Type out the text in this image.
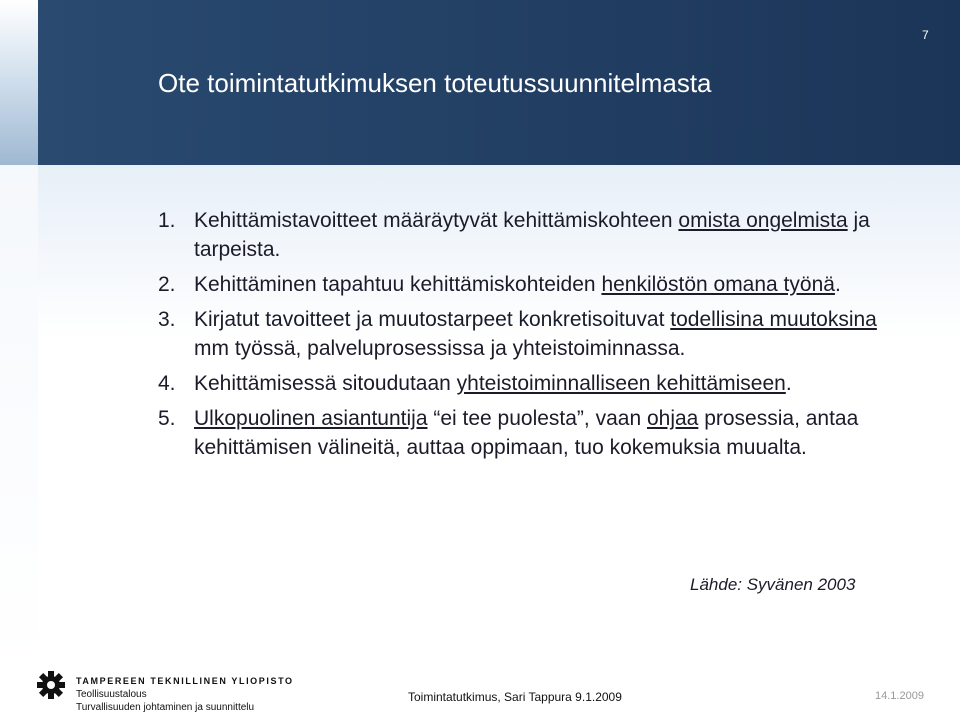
7
Ote toimintatutkimuksen toteutussuunnitelmasta
1. Kehittämistavoitteet määräytyvät kehittämiskohteen omista ongelmista ja tarpeista.
2. Kehittäminen tapahtuu kehittämiskohteiden henkilöstön omana työnä.
3. Kirjatut tavoitteet ja muutostarpeet konkretisoituvat todellisina muutoksina mm työssä, palveluprosessissa ja yhteistoiminnassa.
4. Kehittämisessä sitoudutaan yhteistoiminnalliseen kehittämiseen.
5. Ulkopuolinen asiantuntija “ei tee puolesta”, vaan ohjaa prosessia, antaa kehittämisen välineitä, auttaa oppimaan, tuo kokemuksia muualta.
Lähde: Syvänen 2003
TAMPEREEN TEKNILLINEN YLIOPISTO
Teollisuustalous
Turvallisuuden johtaminen ja suunnittelu
Toimintatutkimus, Sari Tappura 9.1.2009	14.1.2009
